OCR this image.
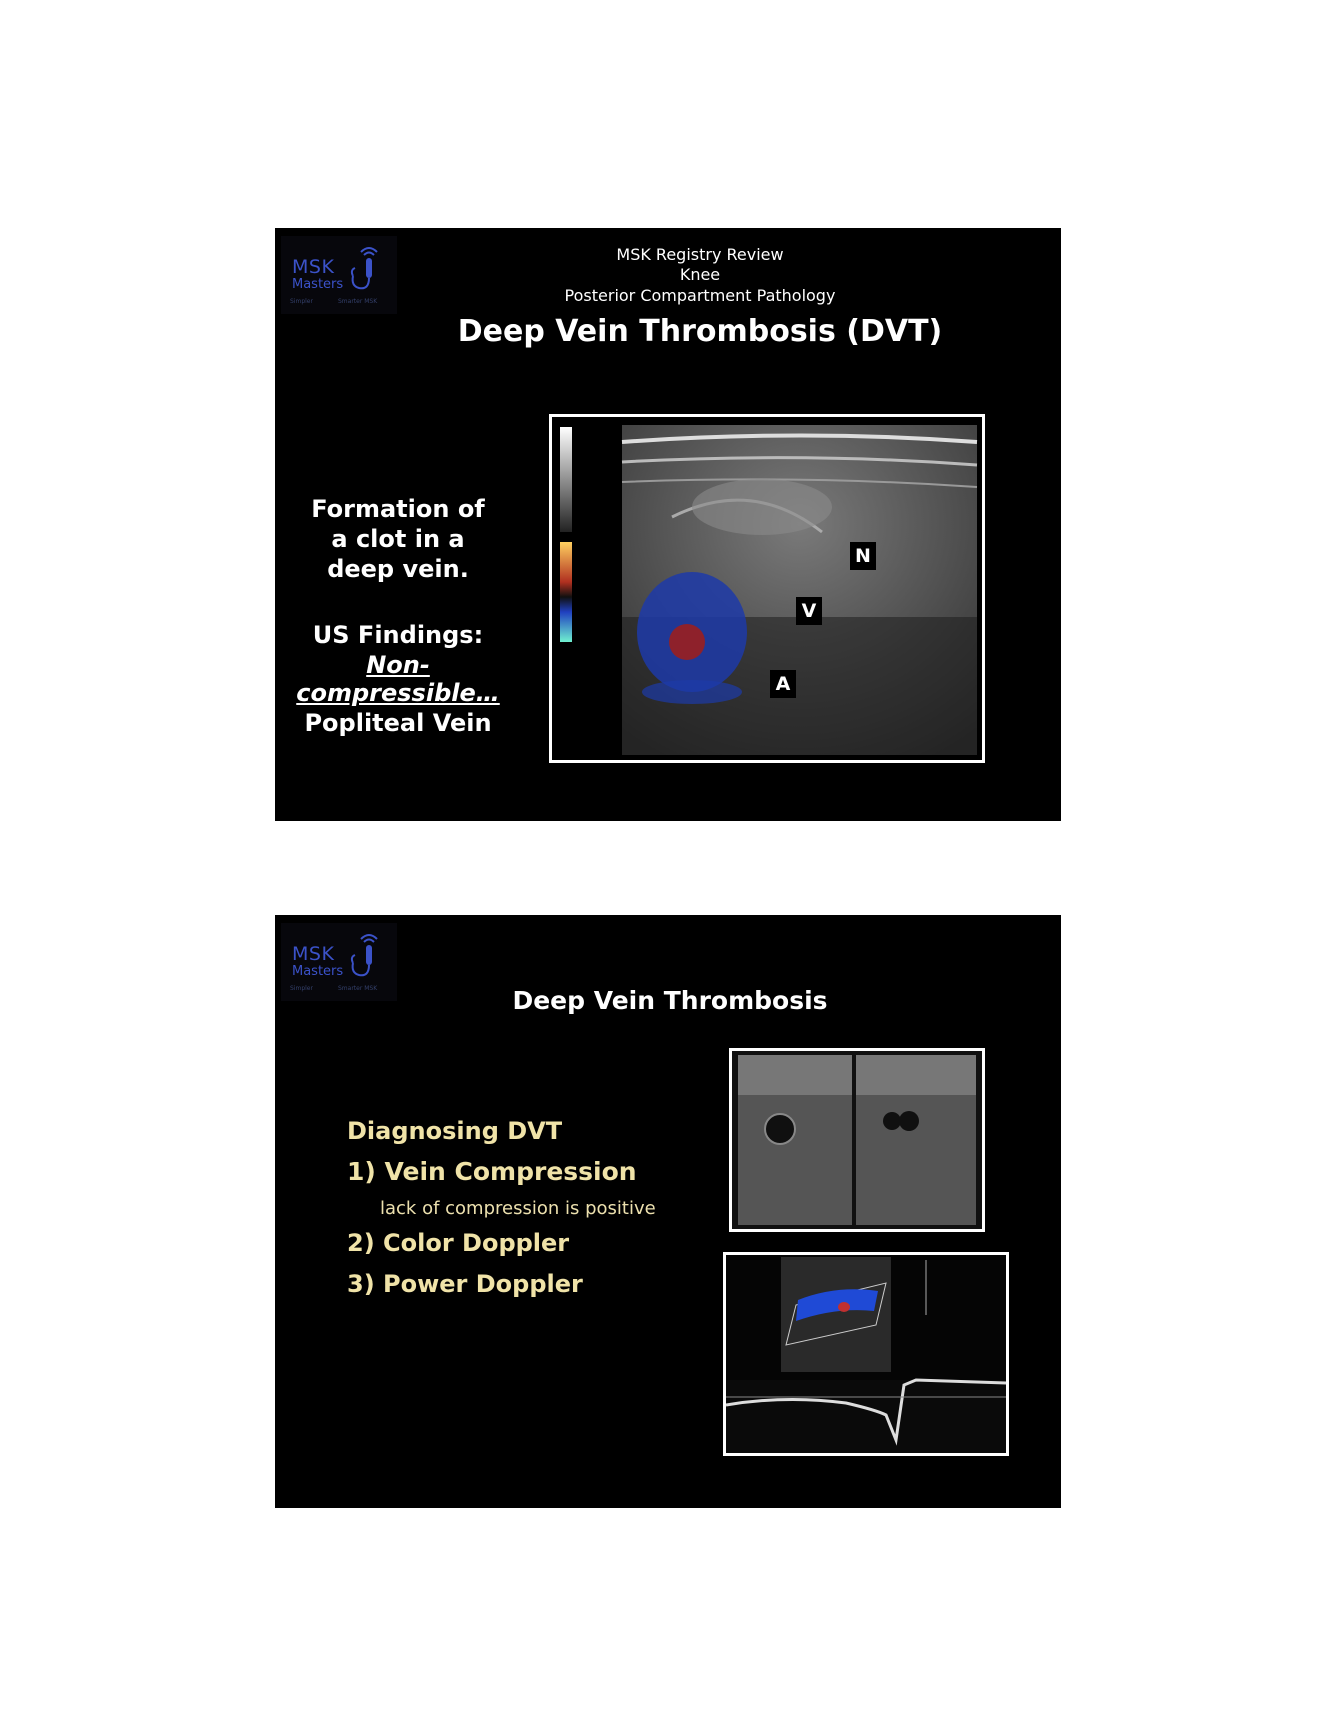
MSK
Masters
Simpler	Smarter MSK
MSK Registry Review
Knee
Posterior Compartment Pathology
Deep Vein Thrombosis (DVT)
Formation of
a clot in a
deep vein.
US Findings:
Non-
compressible…
Popliteal Vein
N
V
A
MSK
Masters
Simpler	Smarter MSK	Deep Vein Thrombosis
Diagnosing DVT
1) Vein Compression
lack of compression is positive
2) Color Doppler
3) Power Doppler
